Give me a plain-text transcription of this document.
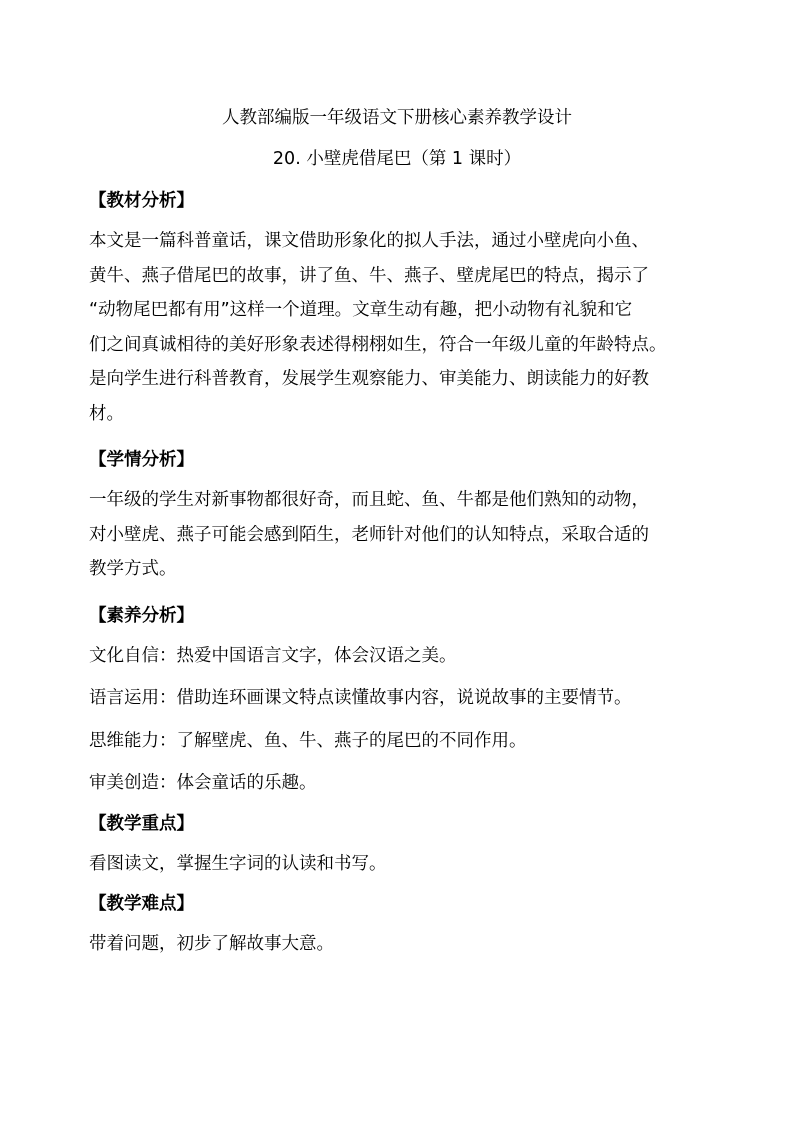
人教部编版一年级语文下册核心素养教学设计
20. 小壁虎借尾巴（第 1 课时）
【教材分析】
本文是一篇科普童话，课文借助形象化的拟人手法，通过小壁虎向小鱼、
黄牛、燕子借尾巴的故事，讲了鱼、牛、燕子、壁虎尾巴的特点，揭示了
“动物尾巴都有用”这样一个道理。文章生动有趣，把小动物有礼貌和它
们之间真诚相待的美好形象表述得栩栩如生，符合一年级儿童的年龄特点。
是向学生进行科普教育，发展学生观察能力、审美能力、朗读能力的好教
材。
【学情分析】
一年级的学生对新事物都很好奇，而且蛇、鱼、牛都是他们熟知的动物，
对小壁虎、燕子可能会感到陌生，老师针对他们的认知特点，采取合适的
教学方式。
【素养分析】
文化自信：热爱中国语言文字，体会汉语之美。
语言运用：借助连环画课文特点读懂故事内容，说说故事的主要情节。
思维能力：了解壁虎、鱼、牛、燕子的尾巴的不同作用。
审美创造：体会童话的乐趣。
【教学重点】
看图读文，掌握生字词的认读和书写。
【教学难点】
带着问题，初步了解故事大意。
